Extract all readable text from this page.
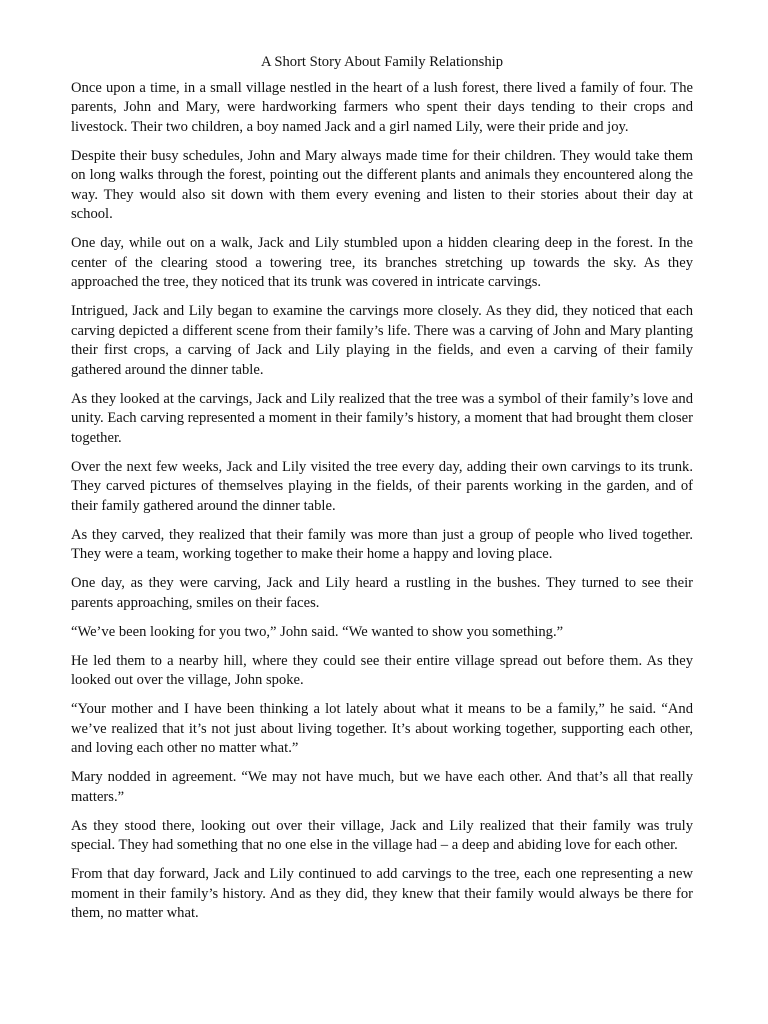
A Short Story About Family Relationship

Once upon a time, in a small village nestled in the heart of a lush forest, there lived a family of four. The parents, John and Mary, were hardworking farmers who spent their days tending to their crops and livestock. Their two children, a boy named Jack and a girl named Lily, were their pride and joy.

Despite their busy schedules, John and Mary always made time for their children. They would take them on long walks through the forest, pointing out the different plants and animals they encountered along the way. They would also sit down with them every evening and listen to their stories about their day at school.

One day, while out on a walk, Jack and Lily stumbled upon a hidden clearing deep in the forest. In the center of the clearing stood a towering tree, its branches stretching up towards the sky. As they approached the tree, they noticed that its trunk was covered in intricate carvings.

Intrigued, Jack and Lily began to examine the carvings more closely. As they did, they noticed that each carving depicted a different scene from their family’s life. There was a carving of John and Mary planting their first crops, a carving of Jack and Lily playing in the fields, and even a carving of their family gathered around the dinner table.

As they looked at the carvings, Jack and Lily realized that the tree was a symbol of their family’s love and unity. Each carving represented a moment in their family’s history, a moment that had brought them closer together.

Over the next few weeks, Jack and Lily visited the tree every day, adding their own carvings to its trunk. They carved pictures of themselves playing in the fields, of their parents working in the garden, and of their family gathered around the dinner table.

As they carved, they realized that their family was more than just a group of people who lived together. They were a team, working together to make their home a happy and loving place.

One day, as they were carving, Jack and Lily heard a rustling in the bushes. They turned to see their parents approaching, smiles on their faces.

“We’ve been looking for you two,” John said. “We wanted to show you something.”

He led them to a nearby hill, where they could see their entire village spread out before them. As they looked out over the village, John spoke.

“Your mother and I have been thinking a lot lately about what it means to be a family,” he said. “And we’ve realized that it’s not just about living together. It’s about working together, supporting each other, and loving each other no matter what.”

Mary nodded in agreement. “We may not have much, but we have each other. And that’s all that really matters.”

As they stood there, looking out over their village, Jack and Lily realized that their family was truly special. They had something that no one else in the village had – a deep and abiding love for each other.

From that day forward, Jack and Lily continued to add carvings to the tree, each one representing a new moment in their family’s history. And as they did, they knew that their family would always be there for them, no matter what.
